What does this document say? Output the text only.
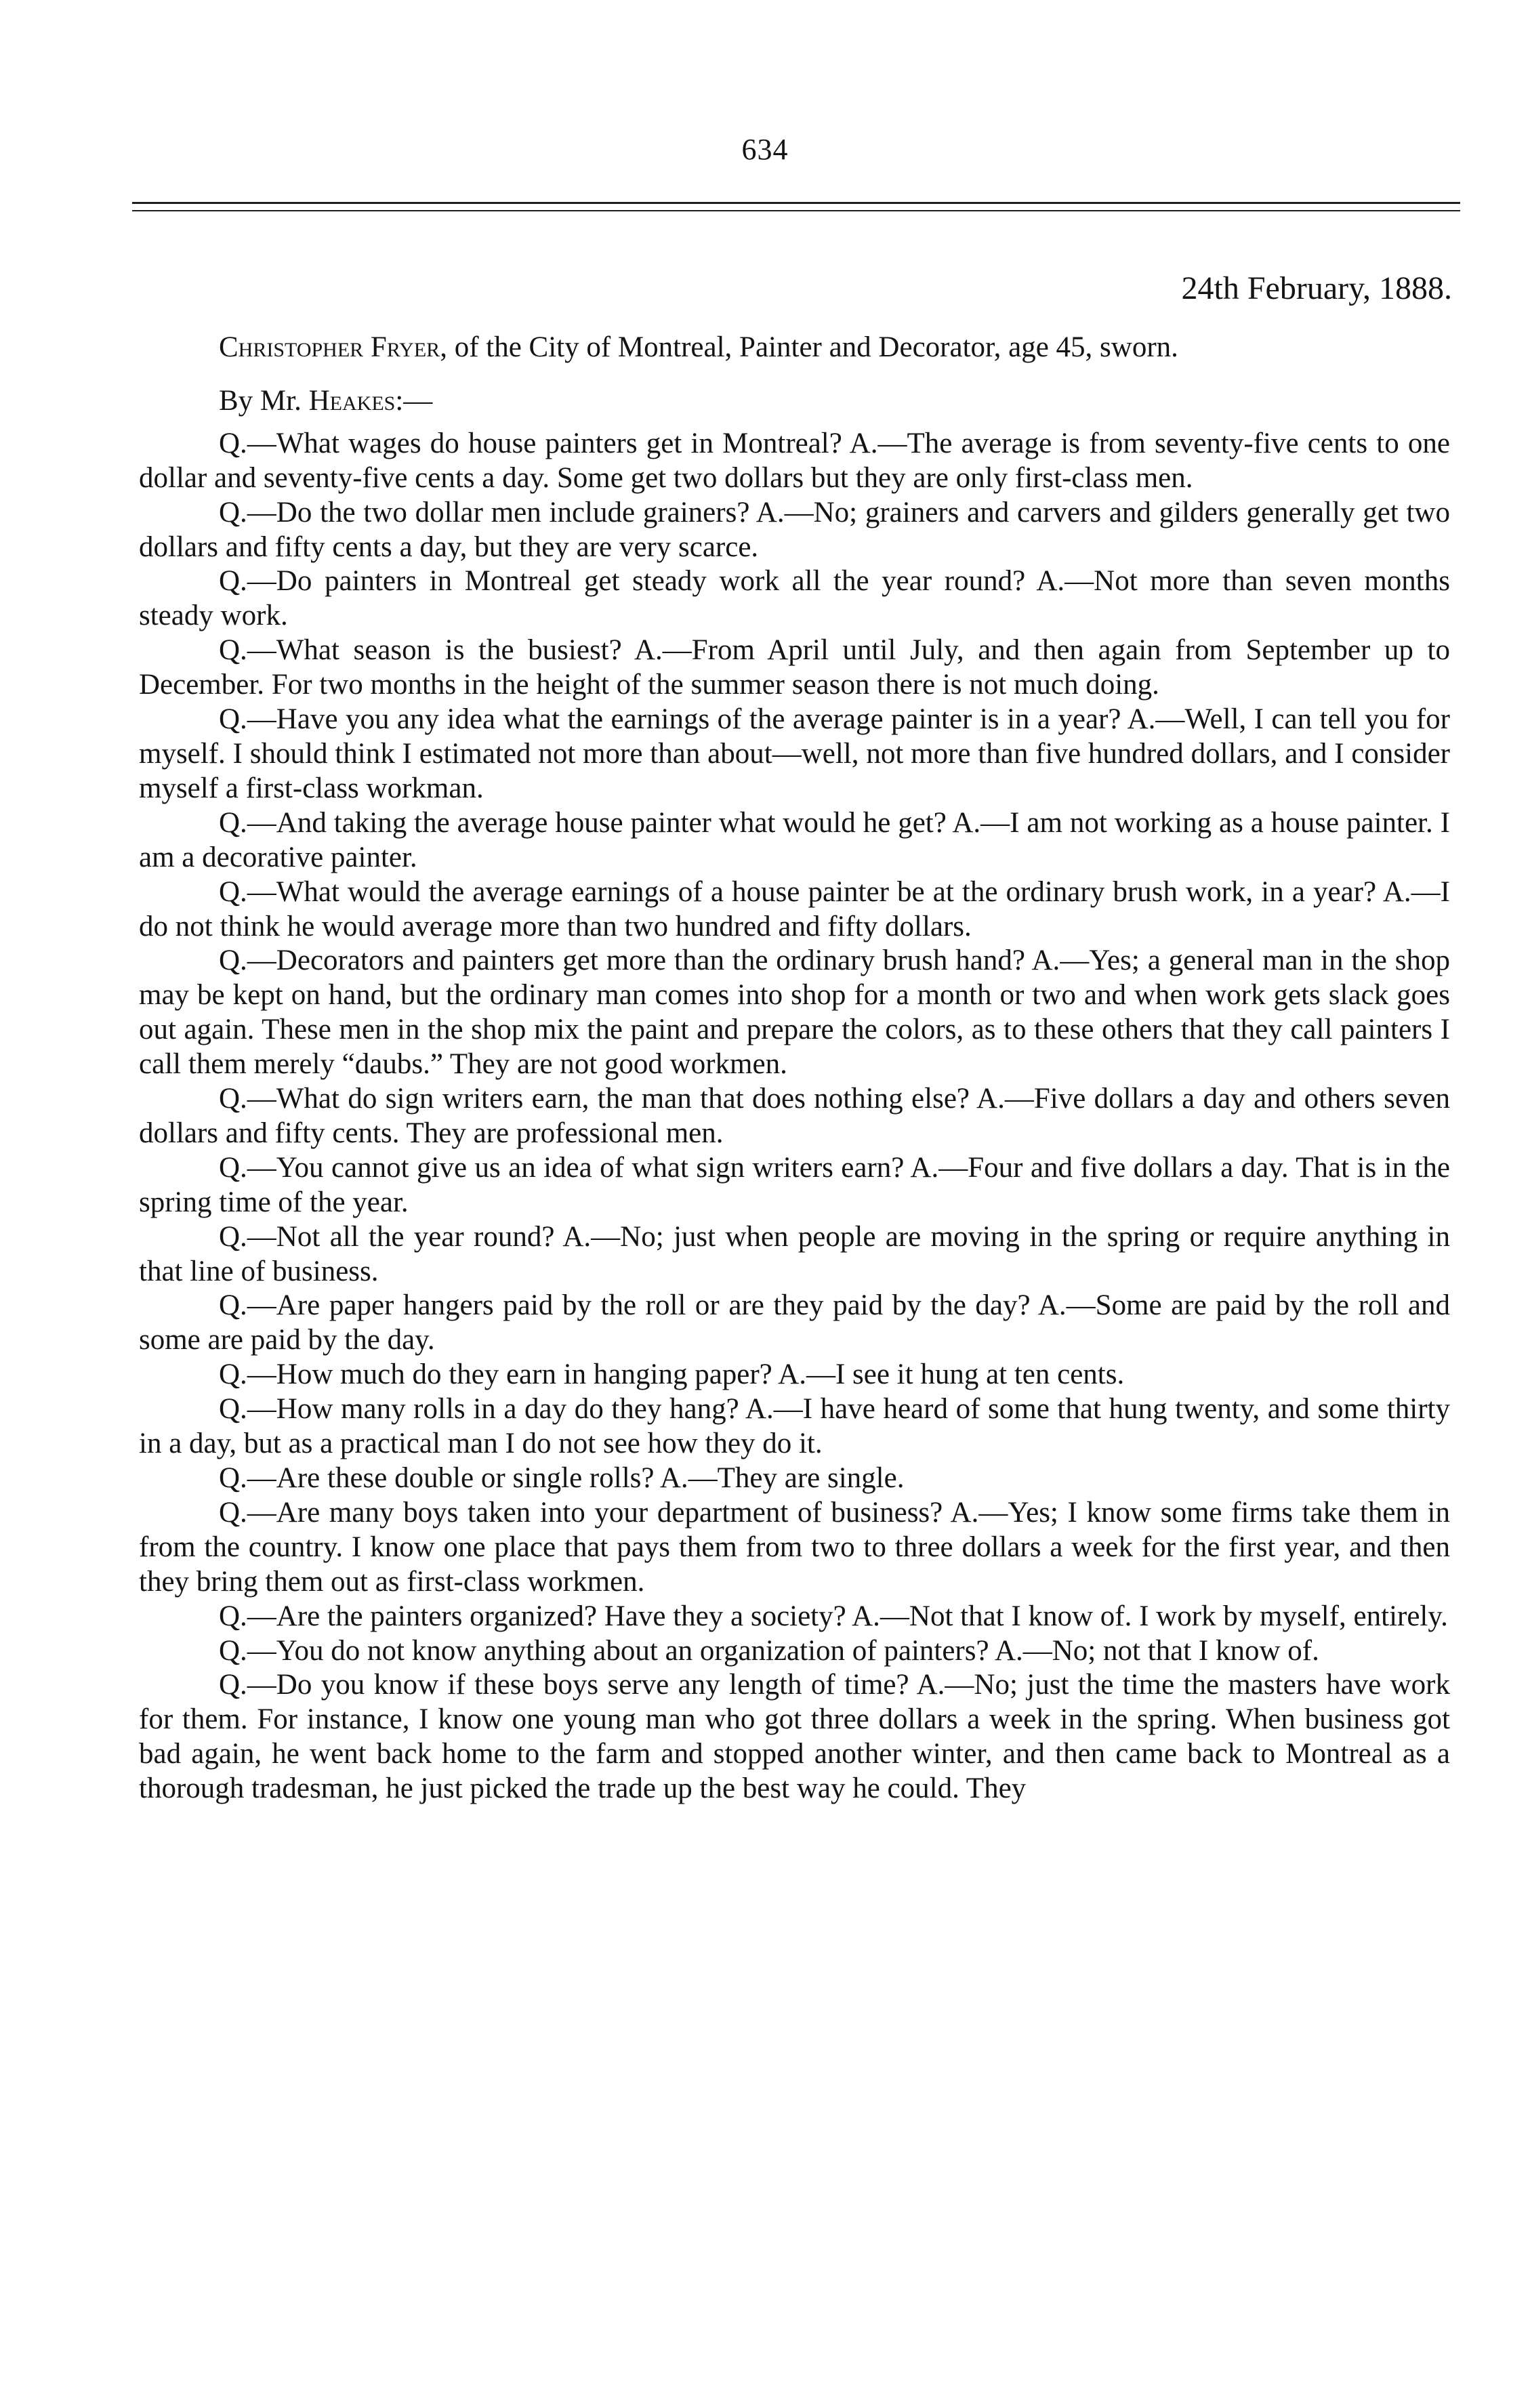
634
24th February, 1888.

Christopher Fryer, of the City of Montreal, Painter and Decorator, age 45, sworn.

By Mr. Heakes:—

Q.—What wages do house painters get in Montreal? A.—The average is from seventy-five cents to one dollar and seventy-five cents a day. Some get two dollars but they are only first-class men.

Q.—Do the two dollar men include grainers? A.—No; grainers and carvers and gilders generally get two dollars and fifty cents a day, but they are very scarce.

Q.—Do painters in Montreal get steady work all the year round? A.—Not more than seven months steady work.

Q.—What season is the busiest? A.—From April until July, and then again from September up to December. For two months in the height of the summer season there is not much doing.

Q.—Have you any idea what the earnings of the average painter is in a year? A.—Well, I can tell you for myself. I should think I estimated not more than about—well, not more than five hundred dollars, and I consider myself a first-class workman.

Q.—And taking the average house painter what would he get? A.—I am not working as a house painter. I am a decorative painter.

Q.—What would the average earnings of a house painter be at the ordinary brush work, in a year? A.—I do not think he would average more than two hundred and fifty dollars.

Q.—Decorators and painters get more than the ordinary brush hand? A.—Yes; a general man in the shop may be kept on hand, but the ordinary man comes into shop for a month or two and when work gets slack goes out again. These men in the shop mix the paint and prepare the colors, as to these others that they call painters I call them merely “daubs.” They are not good workmen.

Q.—What do sign writers earn, the man that does nothing else? A.—Five dollars a day and others seven dollars and fifty cents. They are professional men.

Q.—You cannot give us an idea of what sign writers earn? A.—Four and five dollars a day. That is in the spring time of the year.

Q.—Not all the year round? A.—No; just when people are moving in the spring or require anything in that line of business.

Q.—Are paper hangers paid by the roll or are they paid by the day? A.—Some are paid by the roll and some are paid by the day.

Q.—How much do they earn in hanging paper? A.—I see it hung at ten cents.

Q.—How many rolls in a day do they hang? A.—I have heard of some that hung twenty, and some thirty in a day, but as a practical man I do not see how they do it.

Q.—Are these double or single rolls? A.—They are single.

Q.—Are many boys taken into your department of business? A.—Yes; I know some firms take them in from the country. I know one place that pays them from two to three dollars a week for the first year, and then they bring them out as first-class workmen.

Q.—Are the painters organized? Have they a society? A.—Not that I know of. I work by myself, entirely.

Q.—You do not know anything about an organization of painters? A.—No; not that I know of.

Q.—Do you know if these boys serve any length of time? A.—No; just the time the masters have work for them. For instance, I know one young man who got three dollars a week in the spring. When business got bad again, he went back home to the farm and stopped another winter, and then came back to Montreal as a thorough tradesman, he just picked the trade up the best way he could. They
